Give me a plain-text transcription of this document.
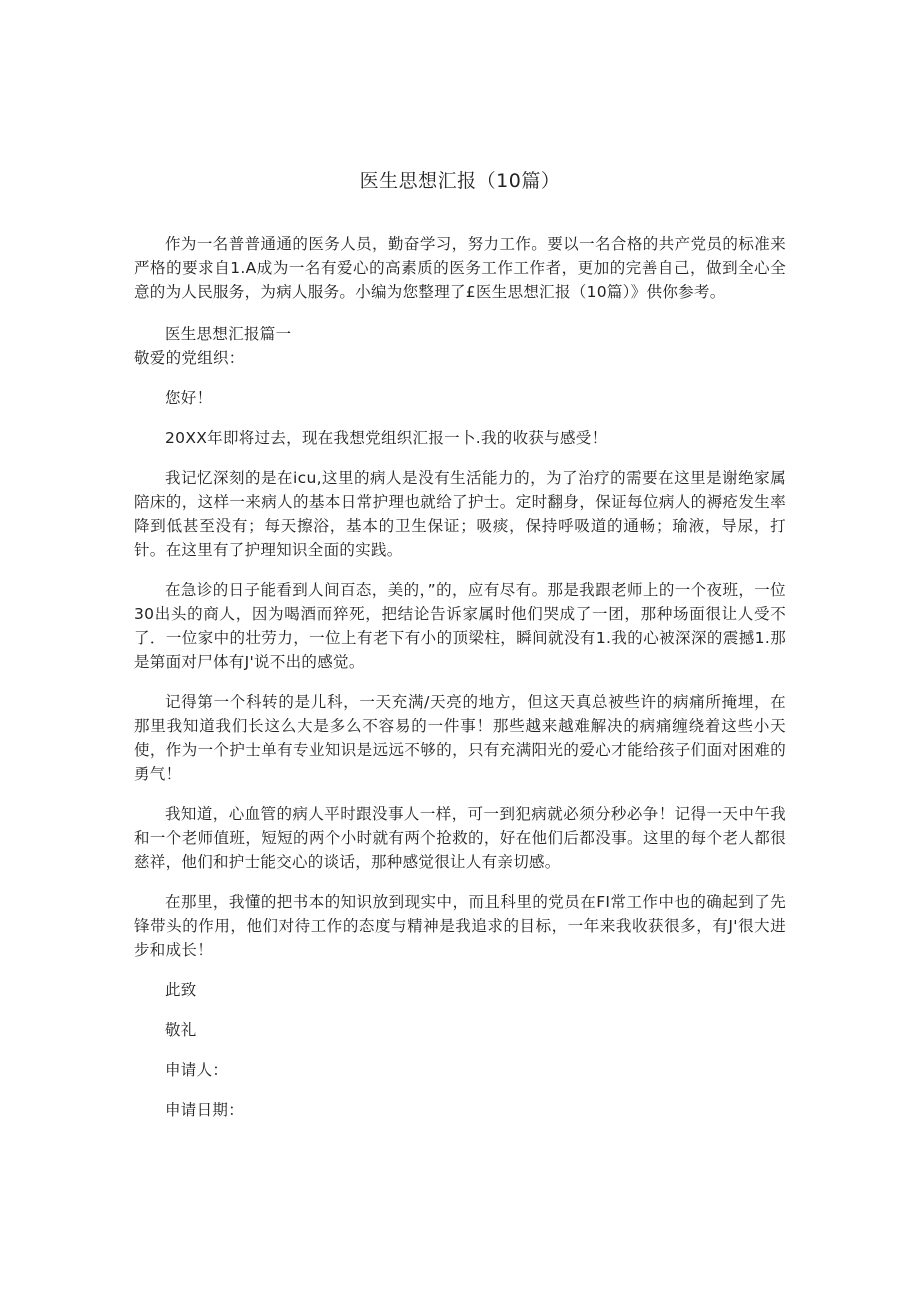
医生思想汇报（10篇）

作为一名普普通通的医务人员，勤奋学习，努力工作。要以一名合格的共产党员的标准来严格的要求自1.A成为一名有爱心的高素质的医务工作工作者，更加的完善自己，做到全心全意的为人民服务，为病人服务。小编为您整理了£医生思想汇报（10篇）》供你参考。

医生思想汇报篇一

敬爱的党组织：

您好！

20XX年即将过去，现在我想党组织汇报一卜.我的收获与感受！

我记忆深刻的是在icu,这里的病人是没有生活能力的，为了治疗的需要在这里是谢绝家属陪床的，这样一来病人的基本日常护理也就给了护士。定时翻身，保证每位病人的褥疮发生率降到低甚至没有；每天擦浴，基本的卫生保证；吸痰，保持呼吸道的通畅；瑜液，导尿，打针。在这里有了护理知识全面的实践。

在急诊的日子能看到人间百态，美的，”的，应有尽有。那是我跟老师上的一个夜班，一位30出头的商人，因为喝酒而猝死，把结论告诉家属时他们哭成了一团，那种场面很让人受不了．一位家中的壮劳力，一位上有老下有小的顶梁柱，瞬间就没有1.我的心被深深的震撼1.那是第面对尸体有J'说不出的感觉。

记得第一个科转的是儿科，一天充满/天亮的地方，但这天真总被些许的病痛所掩埋，在那里我知道我们长这么大是多么不容易的一件事！那些越来越难解决的病痛缠绕着这些小天使，作为一个护士单有专业知识是远远不够的，只有充满阳光的爱心才能给孩子们面对困难的勇气！

我知道，心血管的病人平时跟没事人一样，可一到犯病就必须分秒必争！记得一天中午我和一个老师值班，短短的两个小时就有两个抢救的，好在他们后都没事。这里的每个老人都很慈祥，他们和护士能交心的谈话，那种感觉很让人有亲切感。

在那里，我懂的把书本的知识放到现实中，而且科里的党员在FI常工作中也的确起到了先锋带头的作用，他们对待工作的态度与精神是我追求的目标，一年来我收获很多，有J'很大进步和成长！

此致

敬礼

申请人：

申请日期：
